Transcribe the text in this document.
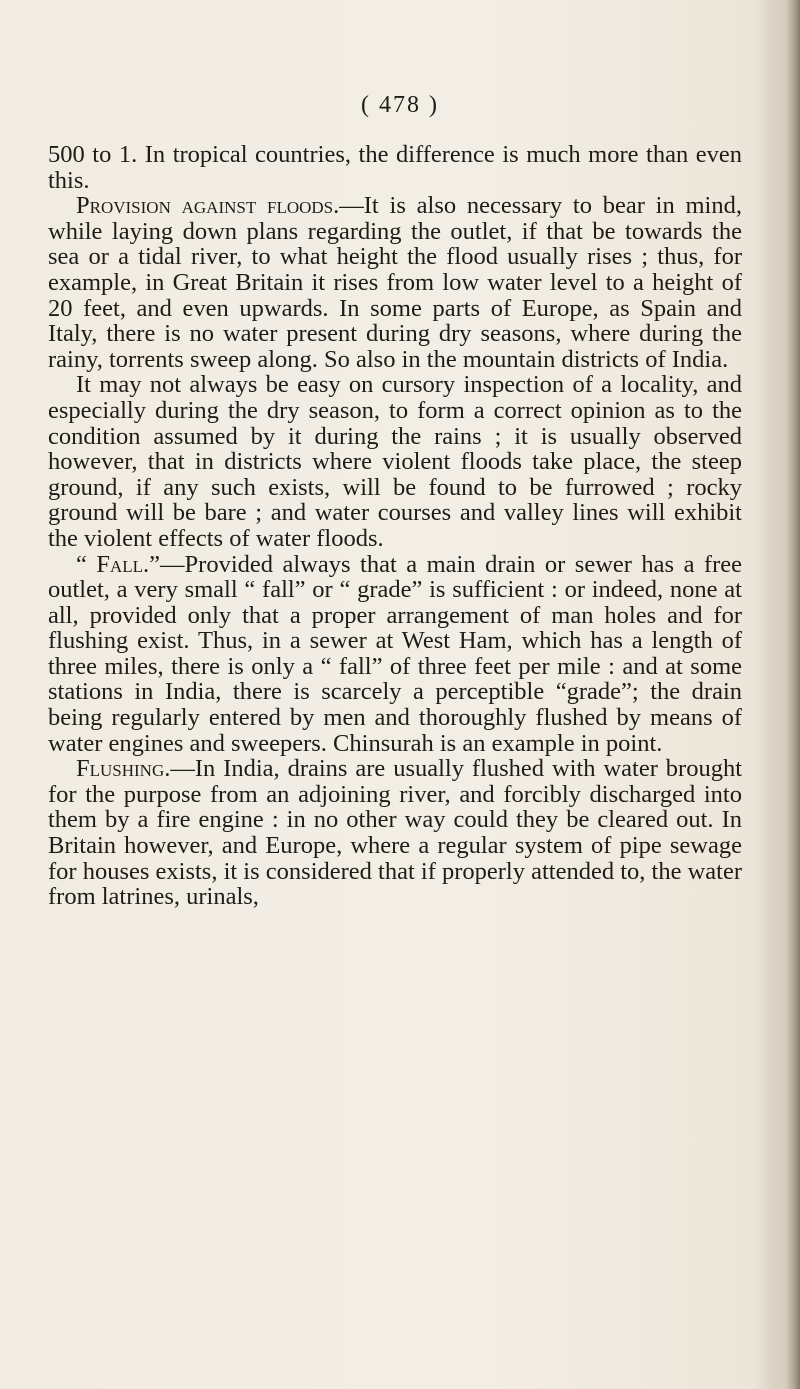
( 478 )

500 to 1. In tropical countries, the difference is much more than even this.

Provision against floods.—It is also necessary to bear in mind, while laying down plans regarding the outlet, if that be towards the sea or a tidal river, to what height the flood usually rises ; thus, for example, in Great Britain it rises from low water level to a height of 20 feet, and even upwards. In some parts of Europe, as Spain and Italy, there is no water present during dry seasons, where during the rainy, torrents sweep along. So also in the mountain districts of India.

It may not always be easy on cursory inspection of a locality, and especially during the dry season, to form a correct opinion as to the condition assumed by it during the rains ; it is usually observed however, that in districts where violent floods take place, the steep ground, if any such exists, will be found to be furrowed ; rocky ground will be bare ; and water courses and valley lines will exhibit the violent effects of water floods.

“ Fall.”—Provided always that a main drain or sewer has a free outlet, a very small “ fall” or “ grade” is sufficient : or indeed, none at all, provided only that a proper arrangement of man holes and for flushing exist. Thus, in a sewer at West Ham, which has a length of three miles, there is only a “ fall” of three feet per mile : and at some stations in India, there is scarcely a perceptible “grade”; the drain being regularly entered by men and thoroughly flushed by means of water engines and sweepers. Chinsurah is an example in point.

Flushing.—In India, drains are usually flushed with water brought for the purpose from an adjoining river, and forcibly discharged into them by a fire engine : in no other way could they be cleared out. In Britain however, and Europe, where a regular system of pipe sewage for houses exists, it is considered that if properly attended to, the water from latrines, urinals,
